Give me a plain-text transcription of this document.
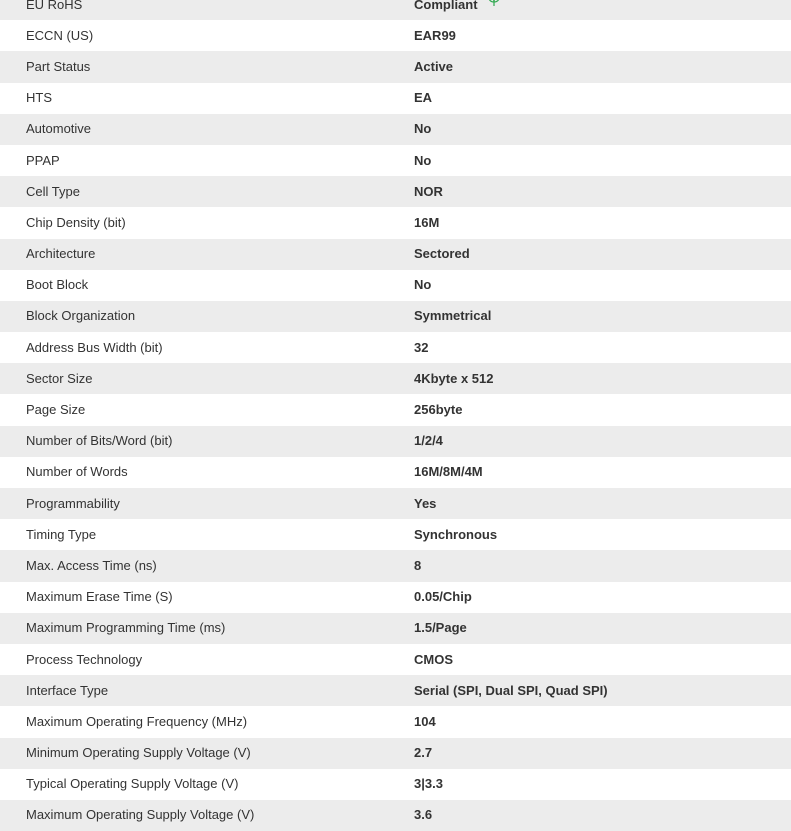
EU RoHS	Compliant
ECCN (US)	EAR99
Part Status	Active
HTS	EA
Automotive	No
PPAP	No
Cell Type	NOR
Chip Density (bit)	16M
Architecture	Sectored
Boot Block	No
Block Organization	Symmetrical
Address Bus Width (bit)	32
Sector Size	4Kbyte x 512
Page Size	256byte
Number of Bits/Word (bit)	1/2/4
Number of Words	16M/8M/4M
Programmability	Yes
Timing Type	Synchronous
Max. Access Time (ns)	8
Maximum Erase Time (S)	0.05/Chip
Maximum Programming Time (ms)	1.5/Page
Process Technology	CMOS
Interface Type	Serial (SPI, Dual SPI, Quad SPI)
Maximum Operating Frequency (MHz)	104
Minimum Operating Supply Voltage (V)	2.7
Typical Operating Supply Voltage (V)	3|3.3
Maximum Operating Supply Voltage (V)	3.6
